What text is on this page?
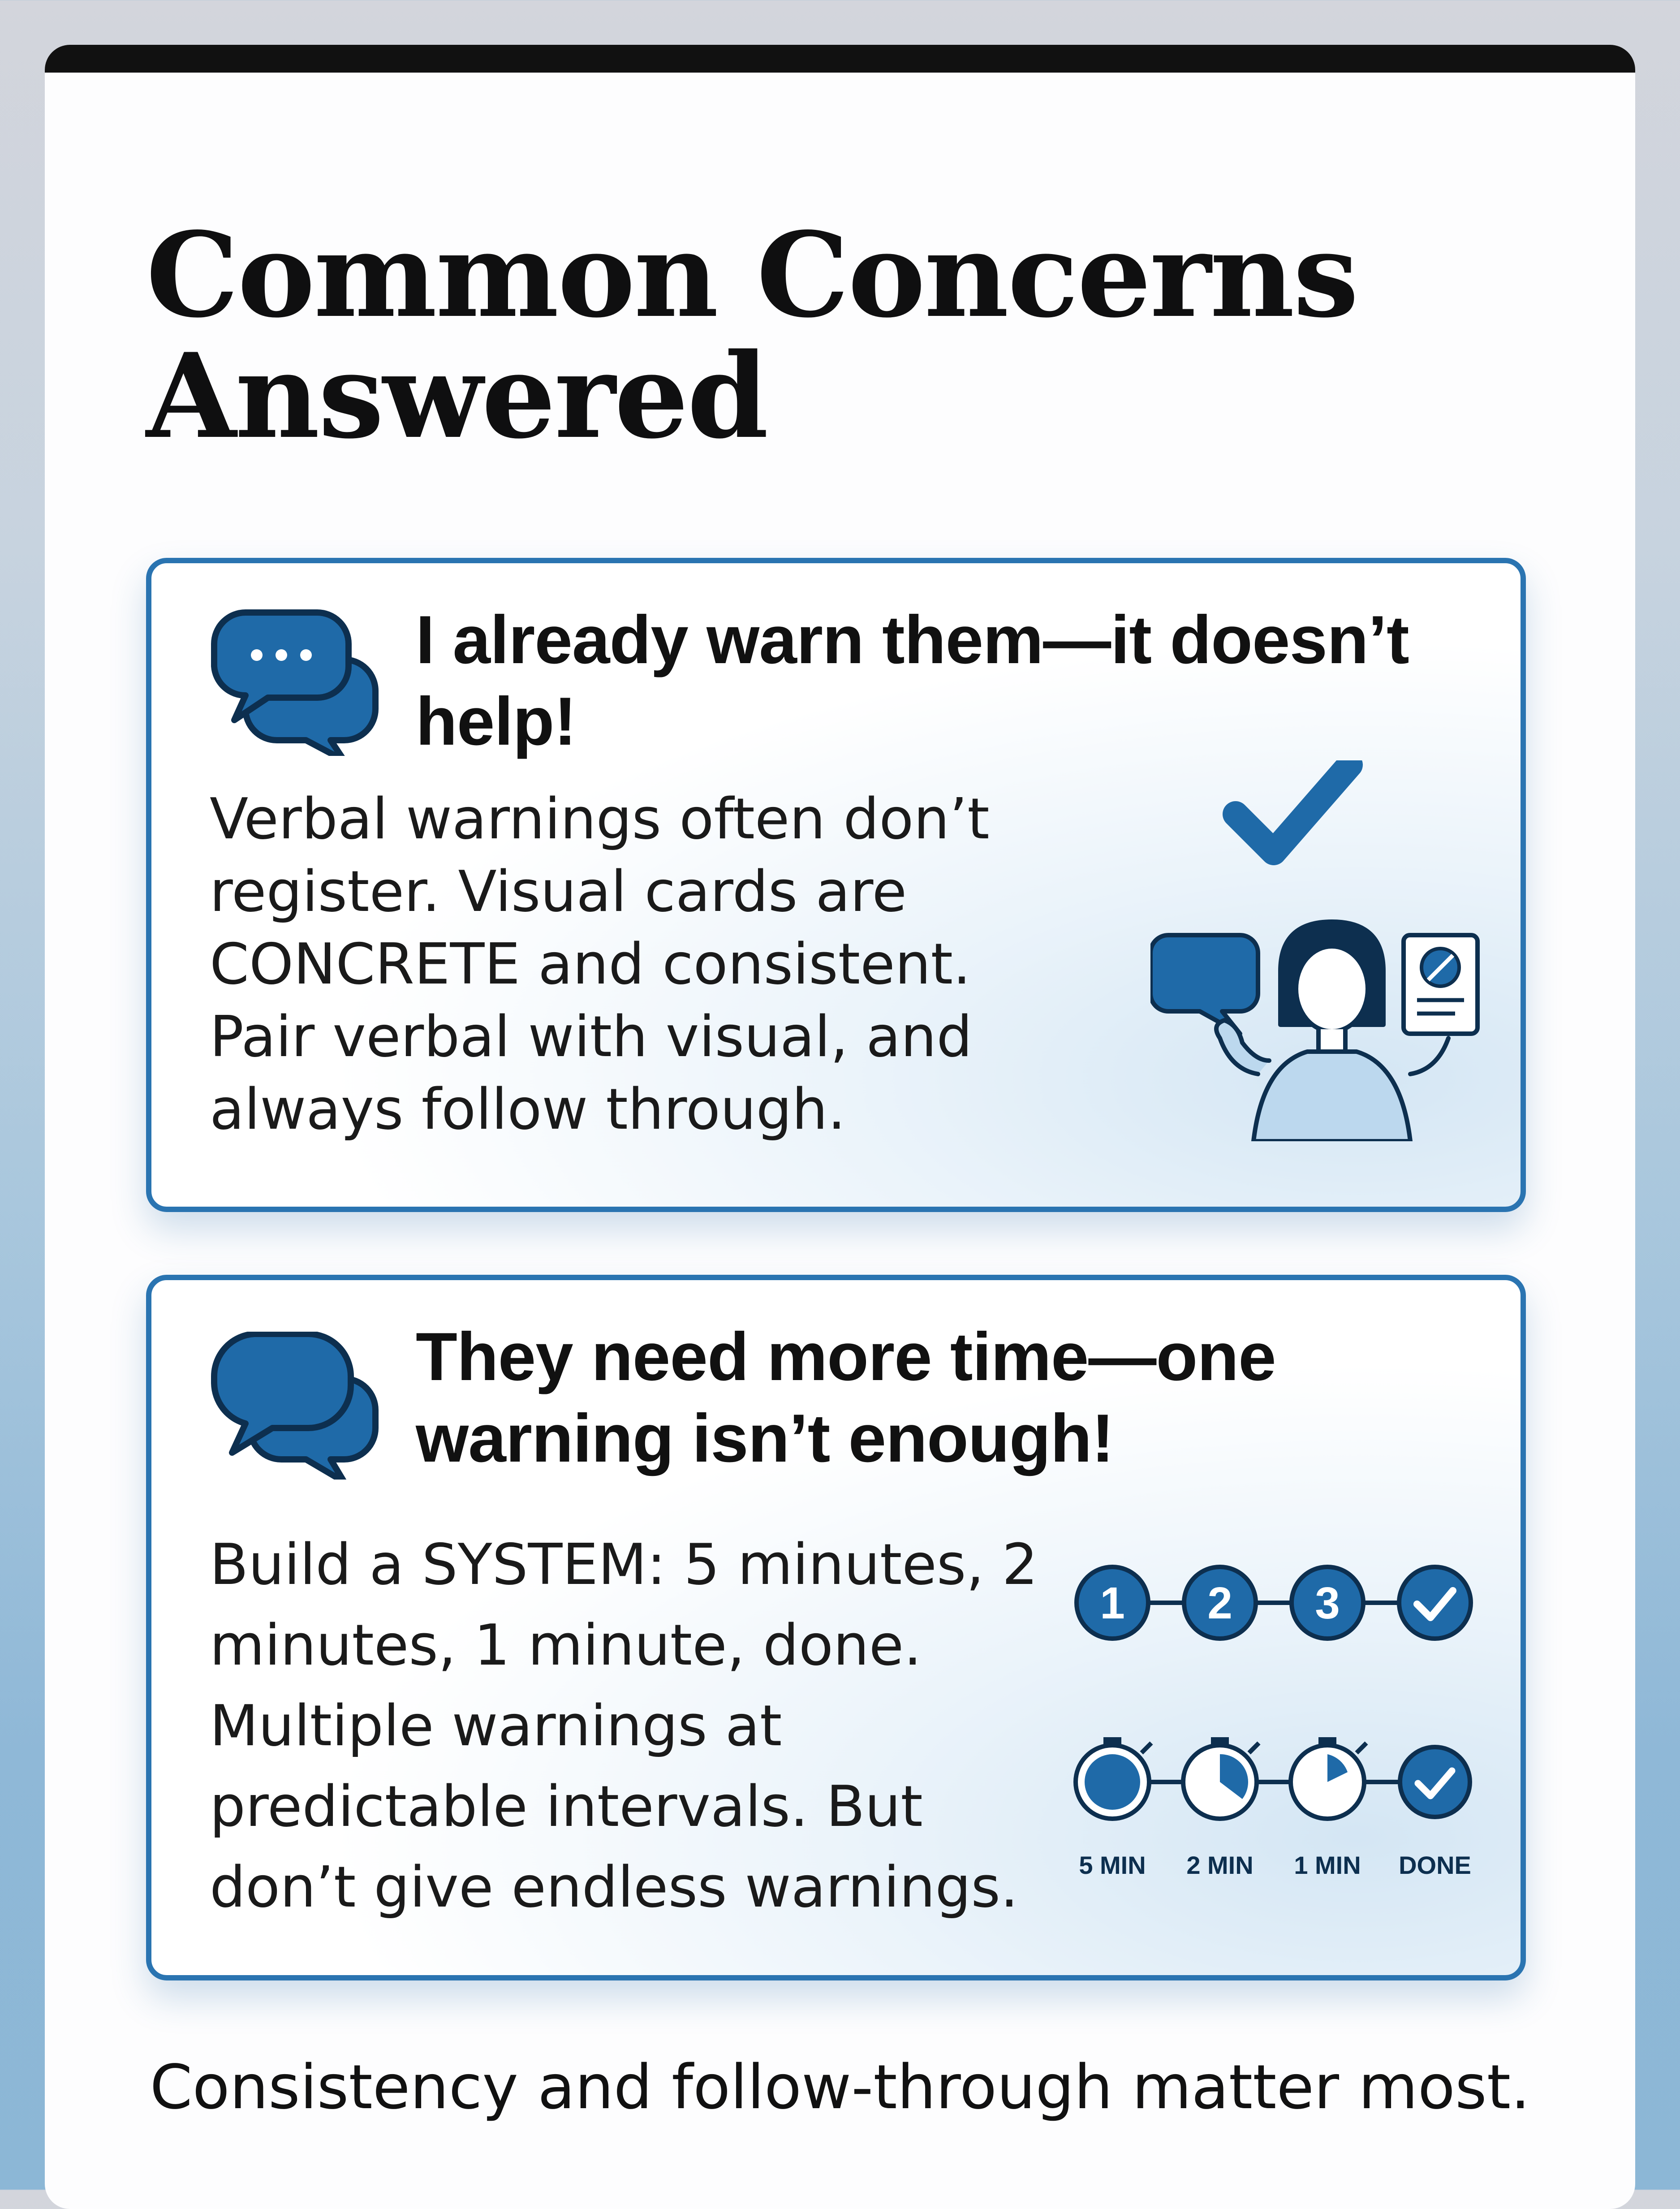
Common Concerns Answered
I already warn them—it doesn’t help!

Verbal warnings often don’t register. Visual cards are CONCRETE and consistent. Pair verbal with visual, and always follow through.

They need more time—one warning isn’t enough!

Build a SYSTEM: 5 minutes, 2 minutes, 1 minute, done. Multiple warnings at predictable intervals. But don’t give endless warnings.

1 2 3
5 MIN 2 MIN 1 MIN DONE

Consistency and follow-through matter most.
